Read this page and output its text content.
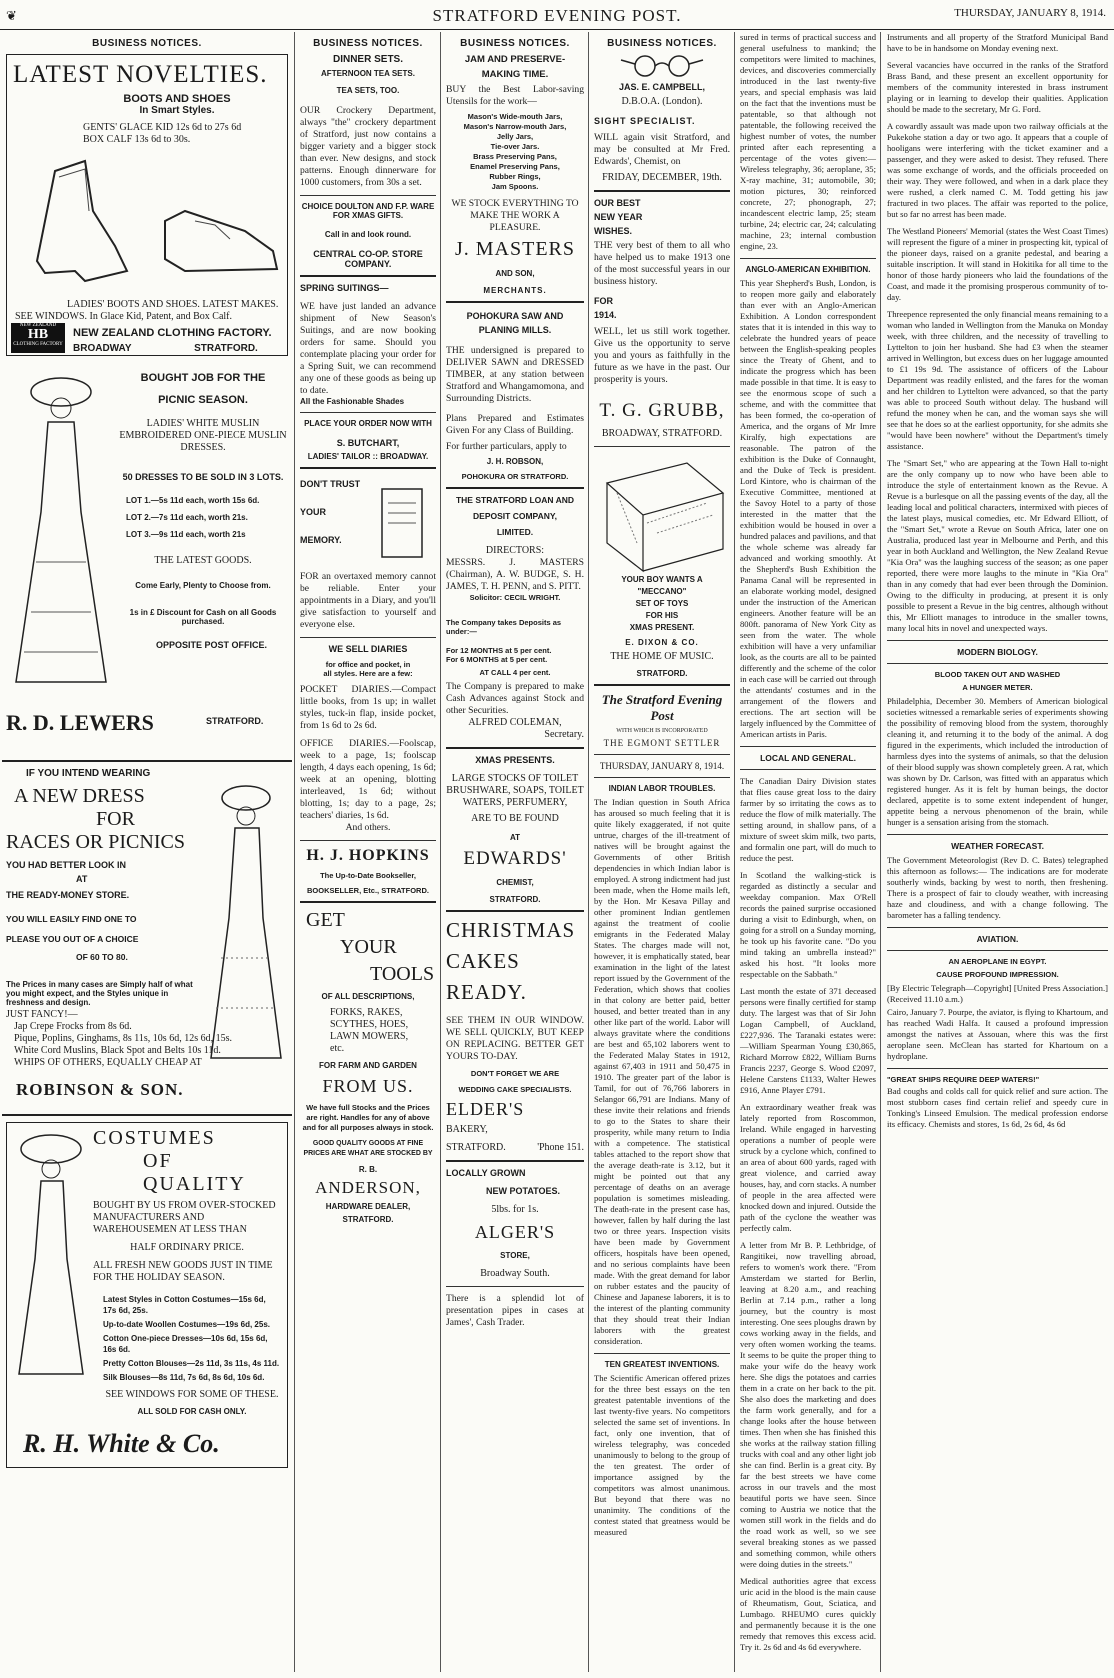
❦	STRATFORD EVENING POST.	THURSDAY, JANUARY 8, 1914.
BUSINESS NOTICES.
LATEST NOVELTIES.
BOOTS AND SHOES
In Smart Styles.
GENTS' GLACE KID 12s 6d to 27s 6d
BOX CALF 13s 6d to 30s.
LADIES' BOOTS AND SHOES. LATEST MAKES.
SEE WINDOWS. In Glace Kid, Patent, and Box Calf.
NEW ZEALAND
HB
CLOTHING FACTORY
NEW ZEALAND CLOTHING FACTORY.
BROADWAY STRATFORD.
BOUGHT JOB FOR THE
PICNIC SEASON.
LADIES' WHITE MUSLIN EMBROIDERED ONE-PIECE MUSLIN DRESSES.
50 DRESSES TO BE SOLD IN 3 LOTS.
LOT 1.—5s 11d each, worth 15s 6d.
LOT 2.—7s 11d each, worth 21s.
LOT 3.—9s 11d each, worth 21s
THE LATEST GOODS.
Come Early, Plenty to Choose from.
1s in £ Discount for Cash on all Goods purchased.
OPPOSITE POST OFFICE.
R. D. LEWERS	STRATFORD.
IF YOU INTEND WEARING
A NEW DRESS
FOR
RACES OR PICNICS
YOU HAD BETTER LOOK IN
AT
THE READY-MONEY STORE.
YOU WILL EASILY FIND ONE TO
PLEASE YOU OUT OF A CHOICE
OF 60 TO 80.
The Prices in many cases are Simply half of what you might expect, and the Styles unique in freshness and design.
JUST FANCY!—
Jap Crepe Frocks from 8s 6d.
Pique, Poplins, Ginghams, 8s 11s, 10s 6d, 12s 6d, 15s.
White Cord Muslins, Black Spot and Belts 10s 11d.
WHIPS OF OTHERS, EQUALLY CHEAP AT
ROBINSON & SON.
COSTUMES
OF QUALITY
BOUGHT BY US FROM OVER-STOCKED MANUFACTURERS AND WAREHOUSEMEN AT LESS THAN
HALF ORDINARY PRICE.
ALL FRESH NEW GOODS JUST IN TIME FOR THE HOLIDAY SEASON.
Latest Styles in Cotton Costumes—15s 6d, 17s 6d, 25s.
Up-to-date Woollen Costumes—19s 6d, 25s.
Cotton One-piece Dresses—10s 6d, 15s 6d, 16s 6d.
Pretty Cotton Blouses—2s 11d, 3s 11s, 4s 11d.
Silk Blouses—8s 11d, 7s 6d, 8s 6d, 10s 6d.
SEE WINDOWS FOR SOME OF THESE.
ALL SOLD FOR CASH ONLY.
R. H. White & Co.
BUSINESS NOTICES.
DINNER SETS.
AFTERNOON TEA SETS.
TEA SETS, TOO.
OUR Crockery Department, always "the" crockery department of Stratford, just now contains a bigger variety and a bigger stock than ever. New designs, and stock patterns. Enough dinnerware for 1000 customers, from 30s a set.
CHOICE DOULTON AND F.P. WARE
FOR XMAS GIFTS.
Call in and look round.
CENTRAL CO-OP. STORE COMPANY.
SPRING SUITINGS—
WE have just landed an advance shipment of New Season's Suitings, and are now booking orders for same. Should you contemplate placing your order for a Spring Suit, we can recommend any one of these goods as being up to date.
All the Fashionable Shades
PLACE YOUR ORDER NOW WITH
S. BUTCHART,
LADIES' TAILOR :: BROADWAY.
DON'T TRUST
YOUR
MEMORY.
FOR an overtaxed memory cannot be reliable. Enter your appointments in a Diary, and you'll give satisfaction to yourself and everyone else.
WE SELL DIARIES
for office and pocket, in
all styles. Here are a few:
POCKET DIARIES.—Compact little books, from 1s up; in wallet styles, tuck-in flap, inside pocket, from 1s 6d to 2s 6d.
OFFICE DIARIES.—Foolscap, week to a page, 1s; foolscap length, 4 days each opening, 1s 6d; week at an opening, blotting interleaved, 1s 6d; without blotting, 1s; day to a page, 2s; teachers' diaries, 1s 6d.
And others.
H. J. HOPKINS
The Up-to-Date Bookseller,
BOOKSELLER, Etc., STRATFORD.
GET
YOUR
TOOLS
OF ALL DESCRIPTIONS,
FORKS, RAKES, SCYTHES, HOES, LAWN MOWERS, etc.
FOR FARM AND GARDEN
FROM US.
We have full Stocks and the Prices are right. Handles for any of above and for all purposes always in stock.
GOOD QUALITY GOODS AT FINE PRICES ARE WHAT ARE STOCKED BY
R. B.
ANDERSON,
HARDWARE DEALER,
STRATFORD.
BUSINESS NOTICES.
JAM AND PRESERVE-
MAKING TIME.
BUY the Best Labor-saving Utensils for the work—
Mason's Wide-mouth Jars,
Mason's Narrow-mouth Jars,
Jelly Jars,
Tie-over Jars.
Brass Preserving Pans,
Enamel Preserving Pans,
Rubber Rings,
Jam Spoons.
WE STOCK EVERYTHING TO MAKE THE WORK A PLEASURE.
J. MASTERS
AND SON,
MERCHANTS.
POHOKURA SAW AND PLANING MILLS.
THE undersigned is prepared to DELIVER SAWN and DRESSED TIMBER, at any station between Stratford and Whangamomona, and Surrounding Districts.
Plans Prepared and Estimates Given For any Class of Building.
For further particulars, apply to
J. H. ROBSON,
POHOKURA OR STRATFORD.
THE STRATFORD LOAN AND
DEPOSIT COMPANY,
LIMITED.
DIRECTORS:
MESSRS. J. MASTERS (Chairman), A. W. BUDGE, S. H. JAMES, T. H. PENN, and S. PITT.
Solicitor: CECIL WRIGHT.
The Company takes Deposits as under:—
For 12 MONTHS at 5 per cent.
For 6 MONTHS at 5 per cent.
AT CALL 4 per cent.
The Company is prepared to make Cash Advances against Stock and other Securities.
ALFRED COLEMAN,
Secretary.
XMAS PRESENTS.
LARGE STOCKS OF TOILET BRUSHWARE, SOAPS, TOILET WATERS, PERFUMERY,
ARE TO BE FOUND
AT
EDWARDS'
CHEMIST,
STRATFORD.
CHRISTMAS
CAKES
READY.
SEE THEM IN OUR WINDOW. WE SELL QUICKLY, BUT KEEP ON REPLACING. BETTER GET YOURS TO-DAY.
DON'T FORGET WE ARE
WEDDING CAKE SPECIALISTS.
ELDER'S
BAKERY,
STRATFORD.	'Phone 151.
LOCALLY GROWN
NEW POTATOES.
5lbs. for 1s.
ALGER'S
STORE,
Broadway South.
There is a splendid lot of presentation pipes in cases at James', Cash Trader.
BUSINESS NOTICES.
JAS. E. CAMPBELL,
D.B.O.A. (London).
SIGHT SPECIALIST.
WILL again visit Stratford, and may be consulted at Mr Fred. Edwards', Chemist, on
FRIDAY, DECEMBER, 19th.
OUR BEST
NEW YEAR
WISHES.
THE very best of them to all who have helped us to make 1913 one of the most successful years in our business history.
FOR
1914.
WELL, let us still work together. Give us the opportunity to serve you and yours as faithfully in the future as we have in the past. Our prosperity is yours.
T. G. GRUBB,
BROADWAY, STRATFORD.
YOUR BOY WANTS A
"MECCANO"
SET OF TOYS
FOR HIS
XMAS PRESENT.
E. DIXON & CO.
THE HOME OF MUSIC.
STRATFORD.
The Stratford Evening Post
WITH WHICH IS INCORPORATED
THE EGMONT SETTLER
THURSDAY, JANUARY 8, 1914.
INDIAN LABOR TROUBLES.
The Indian question in South Africa has aroused so much feeling that it is quite likely exaggerated, if not quite untrue, charges of the ill-treatment of natives will be brought against the Governments of other British dependencies in which Indian labor is employed. A strong indictment had just been made, when the Home mails left, by the Hon. Mr Kesava Pillay and other prominent Indian gentlemen against the treatment of coolie emigrants in the Federated Malay States. The charges made will not, however, it is emphatically stated, bear examination in the light of the latest report issued by the Government of the Federation, which shows that coolies in that colony are better paid, better housed, and better treated than in any other like part of the world. Labor will always gravitate where the conditions are best and 65,102 laborers went to the Federated Malay States in 1912, against 67,403 in 1911 and 50,475 in 1910. The greater part of the labor is Tamil, for out of 76,766 laborers in Selangor 66,791 are Indians. Many of these invite their relations and friends to go to the States to share their prosperity, while many return to India with a competence. The statistical tables attached to the report show that the average death-rate is 3.12, but it might be pointed out that any percentage of deaths on an average population is sometimes misleading. The death-rate in the present case has, however, fallen by half during the last two or three years. Inspection visits have been made by Government officers, hospitals have been opened, and no serious complaints have been made. With the great demand for labor on rubber estates and the paucity of Chinese and Japanese laborers, it is to the interest of the planting community that they should treat their Indian laborers with the greatest consideration.
TEN GREATEST INVENTIONS.
The Scientific American offered prizes for the three best essays on the ten greatest patentable inventions of the last twenty-five years. No competitors selected the same set of inventions. In fact, only one invention, that of wireless telegraphy, was conceded unanimously to belong to the group of the ten greatest. The order of importance assigned by the competitors was almost unanimous. But beyond that there was no unanimity. The conditions of the contest stated that greatness would be measured
sured in terms of practical success and general usefulness to mankind; the competitors were limited to machines, devices, and discoveries commercially introduced in the last twenty-five years, and special emphasis was laid on the fact that the inventions must be patentable, so that although not patentable, the following received the highest number of votes, the number printed after each representing a percentage of the votes given:—Wireless telegraphy, 36; aeroplane, 35; X-ray machine, 31; automobile, 30; motion pictures, 30; reinforced concrete, 27; phonograph, 27; incandescent electric lamp, 25; steam turbine, 24; electric car, 24; calculating machine, 23; internal combustion engine, 23.
ANGLO-AMERICAN EXHIBITION.
This year Shepherd's Bush, London, is to reopen more gaily and elaborately than ever with an Anglo-American Exhibition. A London correspondent states that it is intended in this way to celebrate the hundred years of peace between the English-speaking peoples since the Treaty of Ghent, and to indicate the progress which has been made possible in that time. It is easy to see the enormous scope of such a scheme, and with the committee that has been formed, the co-operation of America, and the organs of Mr Imre Kiralfy, high expectations are reasonable. The patron of the exhibition is the Duke of Connaught, and the Duke of Teck is president. Lord Kintore, who is chairman of the Executive Committee, mentioned at the Savoy Hotel to a party of those interested in the matter that the exhibition would be housed in over a hundred palaces and pavilions, and that the whole scheme was already far advanced and working smoothly. At the Shepherd's Bush Exhibition the Panama Canal will be represented in an elaborate working model, designed under the instruction of the American engineers. Another feature will be an 800ft. panorama of New York City as seen from the water. The whole exhibition will have a very unfamiliar look, as the courts are all to be painted differently and the scheme of the color in each case will be carried out through the attendants' costumes and in the arrangement of the flowers and erections. The art section will be largely influenced by the Committee of American artists in Paris.
LOCAL AND GENERAL.
The Canadian Dairy Division states that flies cause great loss to the dairy farmer by so irritating the cows as to reduce the flow of milk materially. The setting around, in shallow pans, of a mixture of sweet skim milk, two parts, and formalin one part, will do much to reduce the pest.
In Scotland the walking-stick is regarded as distinctly a secular and weekday companion. Max O'Rell records the pained surprise occasioned during a visit to Edinburgh, when, on going for a stroll on a Sunday morning, he took up his favorite cane. "Do you mind taking an umbrella instead?" asked his host. "It looks more respectable on the Sabbath."
Last month the estate of 371 deceased persons were finally certified for stamp duty. The largest was that of Sir John Logan Campbell, of Auckland, £227,936. The Taranaki estates were:—William Spearman Young £30,865, Richard Morrow £822, William Burns Francis 2237, George S. Wood £2097, Helene Carstens £1133, Walter Hewes £916, Anne Player £791.
An extraordinary weather freak was lately reported from Roscommon, Ireland. While engaged in harvesting operations a number of people were struck by a cyclone which, confined to an area of about 600 yards, raged with great violence, and carried away houses, hay, and corn stacks. A number of people in the area affected were knocked down and injured. Outside the path of the cyclone the weather was perfectly calm.
A letter from Mr B. P. Lethbridge, of Rangitikei, now travelling abroad, refers to women's work there. "From Amsterdam we started for Berlin, leaving at 8.20 a.m., and reaching Berlin at 7.14 p.m., rather a long journey, but the country is most interesting. One sees ploughs drawn by cows working away in the fields, and very often women working the teams. It seems to be quite the proper thing to make your wife do the heavy work here. She digs the potatoes and carries them in a crate on her back to the pit. She also does the marketing and does the farm work generally, and for a change looks after the house between times. Then when she has finished this she works at the railway station filling trucks with coal and any other light job she can find. Berlin is a great city. By far the best streets we have come across in our travels and the most beautiful ports we have seen. Since coming to Austria we notice that the women still work in the fields and do the road work as well, so we see several breaking stones as we passed and something common, while others were doing duties in the streets."
Medical authorities agree that excess uric acid in the blood is the main cause of Rheumatism, Gout, Sciatica, and Lumbago. RHEUMO cures quickly and permanently because it is the one remedy that removes this excess acid. Try it. 2s 6d and 4s 6d everywhere.
Instruments and all property of the Stratford Municipal Band have to be in handsome on Monday evening next.
Several vacancies have occurred in the ranks of the Stratford Brass Band, and these present an excellent opportunity for members of the community interested in brass instrument playing or in learning to develop their qualities. Application should be made to the secretary, Mr G. Ford.
A cowardly assault was made upon two railway officials at the Pukekohe station a day or two ago. It appears that a couple of hooligans were interfering with the ticket examiner and a passenger, and they were asked to desist. They refused. There was some exchange of words, and the officials proceeded on their way. They were followed, and when in a dark place they were rushed, a clerk named C. M. Todd getting his jaw fractured in two places. The affair was reported to the police, but so far no arrest has been made.
The Westland Pioneers' Memorial (states the West Coast Times) will represent the figure of a miner in prospecting kit, typical of the pioneer days, raised on a granite pedestal, and bearing a suitable inscription. It will stand in Hokitika for all time to the honor of those hardy pioneers who laid the foundations of the Coast, and made it the promising prosperous community of to-day.
Threepence represented the only financial means remaining to a woman who landed in Wellington from the Manuka on Monday week, with three children, and the necessity of travelling to Lyttelton to join her husband. She had £3 when the steamer arrived in Wellington, but excess dues on her luggage amounted to £1 19s 9d. The assistance of officers of the Labour Department was readily enlisted, and the fares for the woman and her children to Lyttelton were advanced, so that the party was able to proceed South without delay. The husband will refund the money when he can, and the woman says she will see that he does so at the earliest opportunity, for she admits she "would have been nowhere" without the Department's timely assistance.
The "Smart Set," who are appearing at the Town Hall to-night are the only company up to now who have been able to introduce the style of entertainment known as the Revue. A Revue is a burlesque on all the passing events of the day, all the leading local and political characters, intermixed with pieces of the latest plays, musical comedies, etc. Mr Edward Elliott, of the "Smart Set," wrote a Revue on South Africa, later one on Australia, produced last year in Melbourne and Perth, and this year in both Auckland and Wellington, the New Zealand Revue "Kia Ora" was the laughing success of the season; as one paper reported, there were more laughs to the minute in "Kia Ora" than in any comedy that had ever been through the Dominion. Owing to the difficulty in producing, at present it is only possible to present a Revue in the big centres, although without this, Mr Elliott manages to introduce in the smaller towns, many local hits in novel and unexpected ways.
MODERN BIOLOGY.
BLOOD TAKEN OUT AND WASHED
A HUNGER METER.
Philadelphia, December 30. Members of American biological societies witnessed a remarkable series of experiments showing the possibility of removing blood from the system, thoroughly cleaning it, and returning it to the body of the animal. A dog figured in the experiments, which included the introduction of harmless dyes into the systems of animals, so that the delusion of their blood supply was shown completely green. A rat, which was shown by Dr. Carlson, was fitted with an apparatus which registered hunger. As it is felt by human beings, the doctor declared, appetite is to some extent independent of hunger, appetite being a nervous phenomenon of the brain, while hunger is a sensation arising from the stomach.
WEATHER FORECAST.
The Government Meteorologist (Rev D. C. Bates) telegraphed this afternoon as follows:— The indications are for moderate southerly winds, backing by west to north, then freshening. There is a prospect of fair to cloudy weather, with increasing haze and cloudiness, and with a change following. The barometer has a falling tendency.
AVIATION.
AN AEROPLANE IN EGYPT.
CAUSE PROFOUND IMPRESSION.
[By Electric Telegraph—Copyright] [United Press Association.] (Received 11.10 a.m.)
Cairo, January 7. Pourpe, the aviator, is flying to Khartoum, and has reached Wadi Halfa. It caused a profound impression amongst the natives at Assouan, where this was the first aeroplane seen. McClean has started for Khartoum on a hydroplane.
"GREAT SHIPS REQUIRE DEEP WATERS!"
Bad coughs and colds call for quick relief and sure action. The most stubborn cases find certain relief and speedy cure in Tonking's Linseed Emulsion. The medical profession endorse its efficacy. Chemists and stores, 1s 6d, 2s 6d, 4s 6d
